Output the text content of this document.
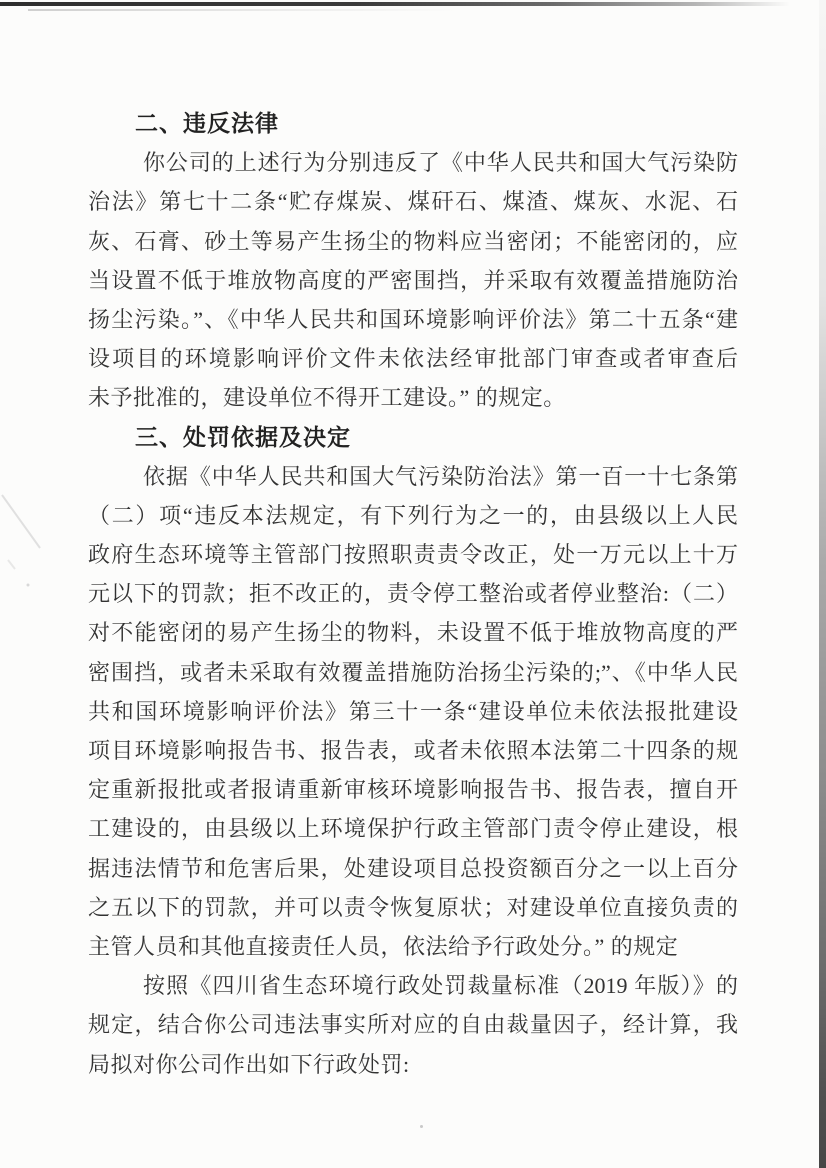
二、违反法律
你公司的上述行为分别违反了《中华人民共和国大气污染防
治法》第七十二条“贮存煤炭、煤矸石、煤渣、煤灰、水泥、石
灰、石膏、砂土等易产生扬尘的物料应当密闭；不能密闭的，应
当设置不低于堆放物高度的严密围挡，并采取有效覆盖措施防治
扬尘污染。”、《中华人民共和国环境影响评价法》第二十五条“建
设项目的环境影响评价文件未依法经审批部门审查或者审查后
未予批准的，建设单位不得开工建设。” 的规定。
三、处罚依据及决定
依据《中华人民共和国大气污染防治法》第一百一十七条第
（二）项“违反本法规定，有下列行为之一的，由县级以上人民
政府生态环境等主管部门按照职责责令改正，处一万元以上十万
元以下的罚款；拒不改正的，责令停工整治或者停业整治:（二）
对不能密闭的易产生扬尘的物料，未设置不低于堆放物高度的严
密围挡，或者未采取有效覆盖措施防治扬尘污染的;”、《中华人民
共和国环境影响评价法》第三十一条“建设单位未依法报批建设
项目环境影响报告书、报告表，或者未依照本法第二十四条的规
定重新报批或者报请重新审核环境影响报告书、报告表，擅自开
工建设的，由县级以上环境保护行政主管部门责令停止建设，根
据违法情节和危害后果，处建设项目总投资额百分之一以上百分
之五以下的罚款，并可以责令恢复原状；对建设单位直接负责的
主管人员和其他直接责任人员，依法给予行政处分。” 的规定
按照《四川省生态环境行政处罚裁量标准（2019 年版）》的
规定，结合你公司违法事实所对应的自由裁量因子，经计算，我
局拟对你公司作出如下行政处罚:
